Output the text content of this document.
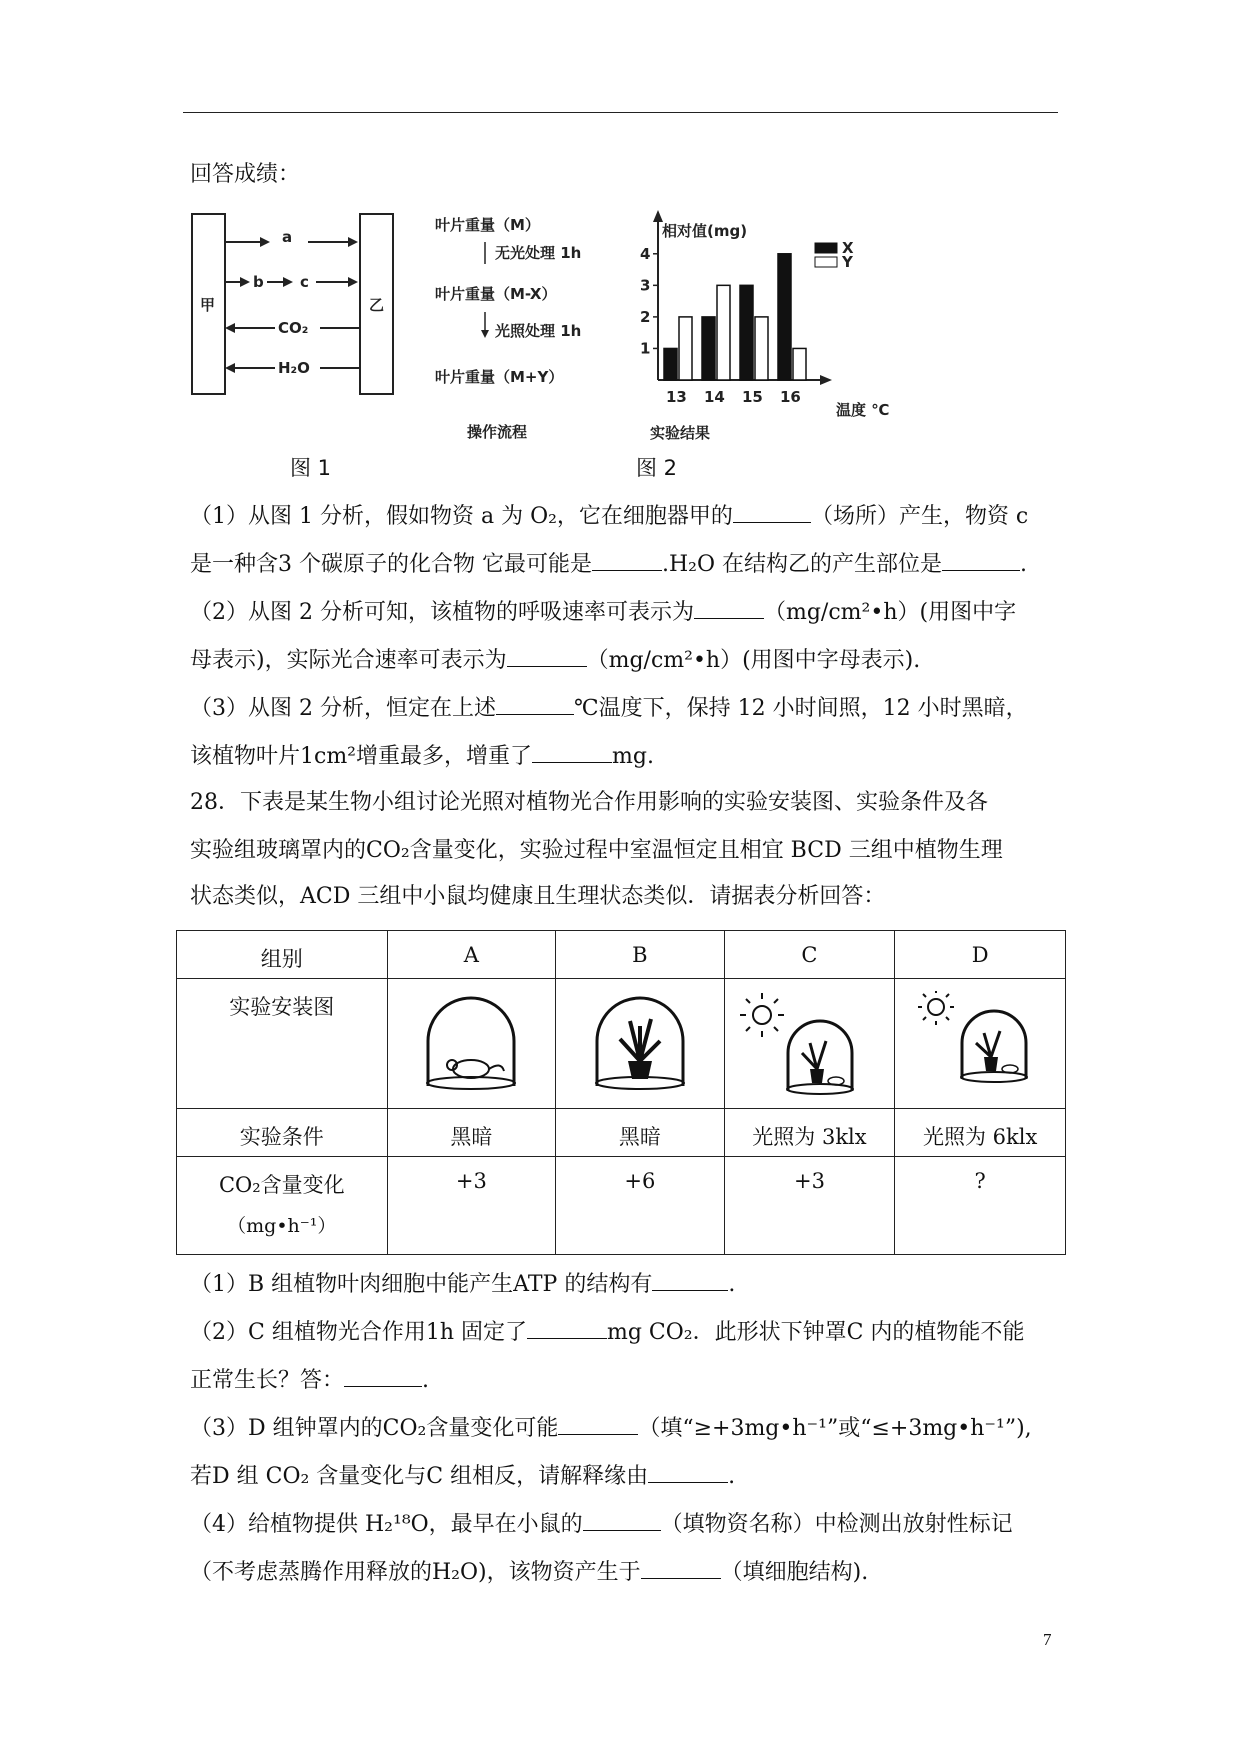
回答成绩：
甲	乙
a
b c
CO₂
H₂O
图 1
叶片重量（M）
无光处理 1h
叶片重量（M-X）
光照处理 1h
叶片重量（M+Y）
操作流程
相对值(mg)
温度 ℃
1
2
3
4
13 14 15 16
X
Y
实验结果
图 2
（1）从图 1 分析，假如物资 a 为 O₂，它在细胞器甲的	（场所）产生，物资 c
是一种含3 个碳原子的化合物 它最可能是	.H₂O 在结构乙的产生部位是	.
（2）从图 2 分析可知，该植物的呼吸速率可表示为	（mg/cm²•h）(用图中字
母表示)，实际光合速率可表示为	（mg/cm²•h）(用图中字母表示).
（3）从图 2 分析，恒定在上述	℃温度下，保持 12 小时间照，12 小时黑暗，
该植物叶片1cm²增重最多，增重了	mg.
28．下表是某生物小组讨论光照对植物光合作用影响的实验安装图、实验条件及各
实验组玻璃罩内的CO₂含量变化，实验过程中室温恒定且相宜 BCD 三组中植物生理
状态类似，ACD 三组中小鼠均健康且生理状态类似．请据表分析回答：
组别	A	B	C	D
实验安装图				
实验条件	黑暗	黑暗	光照为 3klx	光照为 6klx

CO₂含量变化
（mg•h⁻¹）	+3	+6	+3	?
（1）B 组植物叶肉细胞中能产生ATP 的结构有	.
（2）C 组植物光合作用1h 固定了	mg CO₂．此形状下钟罩C 内的植物能不能
正常生长？答：	.
（3）D 组钟罩内的CO₂含量变化可能	（填“≥+3mg•h⁻¹”或“≤+3mg•h⁻¹”),
若D 组 CO₂ 含量变化与C 组相反，请解释缘由	.
（4）给植物提供 H₂¹⁸O，最早在小鼠的	（填物资名称）中检测出放射性标记
（不考虑蒸腾作用释放的H₂O)，该物资产生于	（填细胞结构).
7
